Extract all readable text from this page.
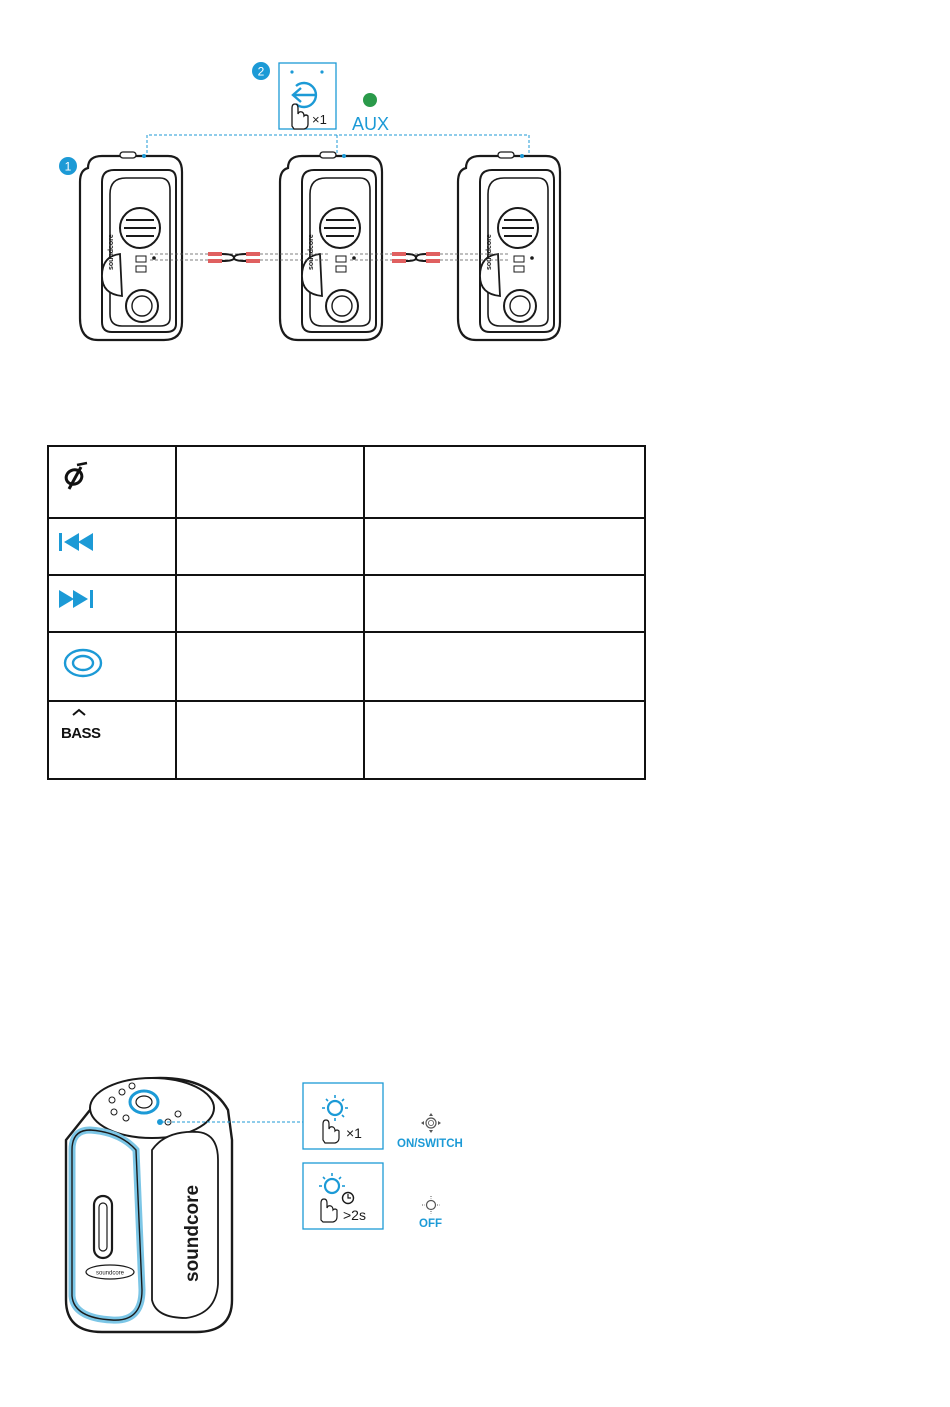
2
×1 AUX
1
soundcore	soundcore	soundcore

BASS		

soundcore	soundcore
×1
>2s
ON/SWITCH
OFF
